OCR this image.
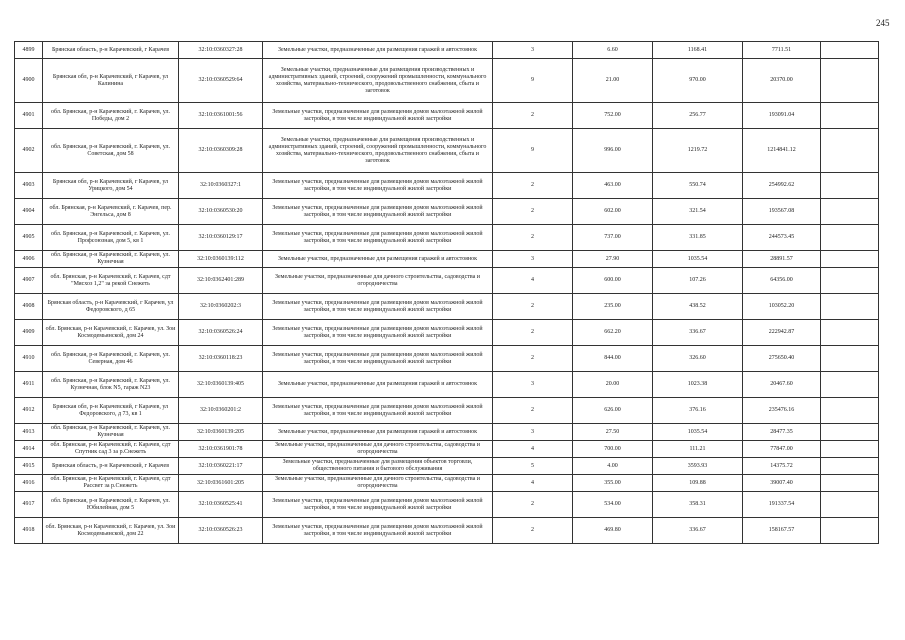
245
4899	Брянская область, р-н Карачевский, г Карачев	32:10:0360327:28	Земельные участки, предназначенные для размещения гаражей и автостоянок	3	6.60	1168.41	7711.51	
4900	Брянская обл, р-н Карачевский, г Карачев, ул Калинина	32:10:0360529:64	Земельные участки, предназначенные для размещения производственных и административных зданий, строений, сооружений промышленности, коммунального хозяйства, материально-технического, продовольственного снабжения, сбыта и заготовок	9	21.00	970.00	20370.00	
4901	обл. Брянская, р-н Карачевский, г. Карачев, ул. Победы, дом 2	32:10:0361001:56	Земельные участки, предназначенные для размещения домов малоэтажной жилой застройки, в том числе индивидуальной жилой застройки	2	752.00	256.77	193091.04	
4902	обл. Брянская, р-н Карачевский, г. Карачев, ул. Советская, дом 58	32:10:0360309:28	Земельные участки, предназначенные для размещения производственных и административных зданий, строений, сооружений промышленности, коммунального хозяйства, материально-технического, продовольственного снабжения, сбыта и заготовок	9	996.00	1219.72	1214841.12	
4903	Брянская обл, р-н Карачевский, г Карачев, ул Урицкого, дом 54	32:10:0360327:1	Земельные участки, предназначенные для размещения домов малоэтажной жилой застройки, в том числе индивидуальной жилой застройки	2	463.00	550.74	254992.62	
4904	обл. Брянская, р-н Карачевский, г. Карачев, пер. Энгельса, дом 8	32:10:0360530:20	Земельные участки, предназначенные для размещения домов малоэтажной жилой застройки, в том числе индивидуальной жилой застройки	2	602.00	321.54	193567.08	
4905	обл. Брянская, р-н Карачевский, г. Карачев, ул. Профсоюзная, дом 5, кв 1	32:10:0360129:17	Земельные участки, предназначенные для размещения домов малоэтажной жилой застройки, в том числе индивидуальной жилой застройки	2	737.00	331.85	244573.45	
4906	обл. Брянская, р-н Карачевский, г. Карачев, ул. Кузнечная	32:10:0360139:112	Земельные участки, предназначенные для размещения гаражей и автостоянок	3	27.90	1035.54	28891.57	
4907	обл. Брянская, р-н Карачевский, г. Карачев, сдт "Мясхоз 1,2" за рекой Снежеть	32:10:0362401:289	Земельные участки, предназначенные для дачного строительства, садоводства и огородничества	4	600.00	107.26	64356.00	
4908	Брянская область, р-н Карачевский, г Карачев, ул Федоровского, д 65	32:10:0360202:3	Земельные участки, предназначенные для размещения домов малоэтажной жилой застройки, в том числе индивидуальной жилой застройки	2	235.00	438.52	103052.20	
4909	обл. Брянская, р-н Карачевский, г. Карачев, ул. Зои Космодемьянской, дом 24	32:10:0360526:24	Земельные участки, предназначенные для размещения домов малоэтажной жилой застройки, в том числе индивидуальной жилой застройки	2	662.20	336.67	222942.87	
4910	обл. Брянская, р-н Карачевский, г. Карачев, ул. Северная, дом 46	32:10:0360118:23	Земельные участки, предназначенные для размещения домов малоэтажной жилой застройки, в том числе индивидуальной жилой застройки	2	844.00	326.60	275650.40	
4911	обл. Брянская, р-н Карачевский, г. Карачев, ул. Кузнечная, блок N5, гараж N23	32:10:0360139:405	Земельные участки, предназначенные для размещения гаражей и автостоянок	3	20.00	1023.38	20467.60	
4912	Брянская обл, р-н Карачевский, г Карачев, ул Федоровского, д 73, кв 1	32:10:0360201:2	Земельные участки, предназначенные для размещения домов малоэтажной жилой застройки, в том числе индивидуальной жилой застройки	2	626.00	376.16	235476.16	
4913	обл. Брянская, р-н Карачевский, г. Карачев, ул. Кузнечная	32:10:0360139:205	Земельные участки, предназначенные для размещения гаражей и автостоянок	3	27.50	1035.54	28477.35	
4914	обл. Брянская, р-н Карачевский, г. Карачев, сдт Спутник сад 3 за р.Снежеть	32:10:0361901:78	Земельные участки, предназначенные для дачного строительства, садоводства и огородничества	4	700.00	111.21	77847.00	
4915	Брянская область, р-н Карачевский, г Карачев	32:10:0360221:17	Земельные участки, предназначенные для размещения объектов торговли, общественного питания и бытового обслуживания	5	4.00	3593.93	14375.72	
4916	обл. Брянская, р-н Карачевский, г. Карачев, сдт Рассвет за р.Снежеть	32:10:0361601:205	Земельные участки, предназначенные для дачного строительства, садоводства и огородничества	4	355.00	109.88	39007.40	
4917	обл. Брянская, р-н Карачевский, г. Карачев, ул. Юбилейная, дом 5	32:10:0360525:41	Земельные участки, предназначенные для размещения домов малоэтажной жилой застройки, в том числе индивидуальной жилой застройки	2	534.00	358.31	191337.54	
4918	обл. Брянская, р-н Карачевский, г. Карачев, ул. Зои Космодемьянской, дом 22	32:10:0360526:23	Земельные участки, предназначенные для размещения домов малоэтажной жилой застройки, в том числе индивидуальной жилой застройки	2	469.80	336.67	158167.57	
